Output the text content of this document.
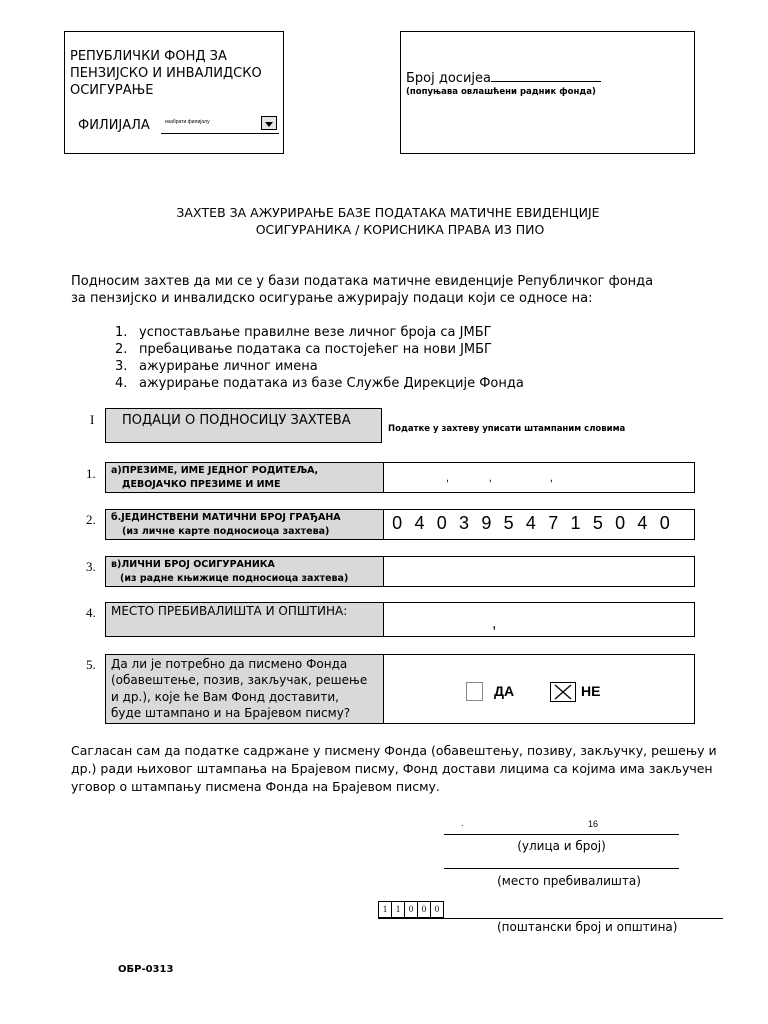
РЕПУБЛИЧКИ ФОНД ЗА
ПЕНЗИЈСКО И ИНВАЛИДСКО
ОСИГУРАЊЕ
ФИЛИЈАЛА	изабрати филијалу
Број досијеа
(попуњава овлашћени радник фонда)
ЗАХТЕВ ЗА АЖУРИРАЊЕ БАЗЕ ПОДАТАКА МАТИЧНЕ ЕВИДЕНЦИЈЕ
ОСИГУРАНИКА / КОРИСНИКА ПРАВА ИЗ ПИО
Подносим захтев да ми се у бази података матичне евиденције Републичког фонда
за пензијско и инвалидско осигурање ажурирају подаци који се односе на:
1. успостављање правилне везе личног броја са ЈМБГ
2. пребацивање података са постојећег на нови ЈМБГ
3. ажурирање личног имена
4. ажурирање података из базе Службе Дирекције Фонда
I ПОДАЦИ О ПОДНОСИЦУ ЗАХТЕВА
Податке у захтеву уписати штампаним словима
1. а)ПРЕЗИМЕ, ИМЕ ЈЕДНОГ РОДИТЕЉА,
ДЕВОЈАЧКО ПРЕЗИМЕ И ИМЕ
,             ,                   ,
2. б.ЈЕДИНСТВЕНИ МАТИЧНИ БРОЈ ГРАЂАНА
(из личне карте подносиоца захтева)	0 4 0 3 9 5 4 7 1 5 0 4 0
3. в)ЛИЧНИ БРОЈ ОСИГУРАНИКА
(из радне књижице подносиоца захтева)
4. МЕСТО ПРЕБИВАЛИШТА И ОПШТИНА:
,
5. Да ли је потребно да писмено Фонда
(обавештење, позив, закључак, решење
и др.), које ће Вам Фонд доставити,
буде штампано и на Брајевом писму?
ДА	НЕ
Сагласан сам да податке садржане у писмену Фонда (обавештењу, позиву, закључку, решењу и
др.) ради њиховог штампања на Брајевом писму, Фонд достави лицима са којима има закључен
уговор о штампању писмена Фонда на Брајевом писму.
.	16
(улица и број)
(место пребивалишта)
1 1 0 0 0
(поштански број и општина)
ОБР-0313
